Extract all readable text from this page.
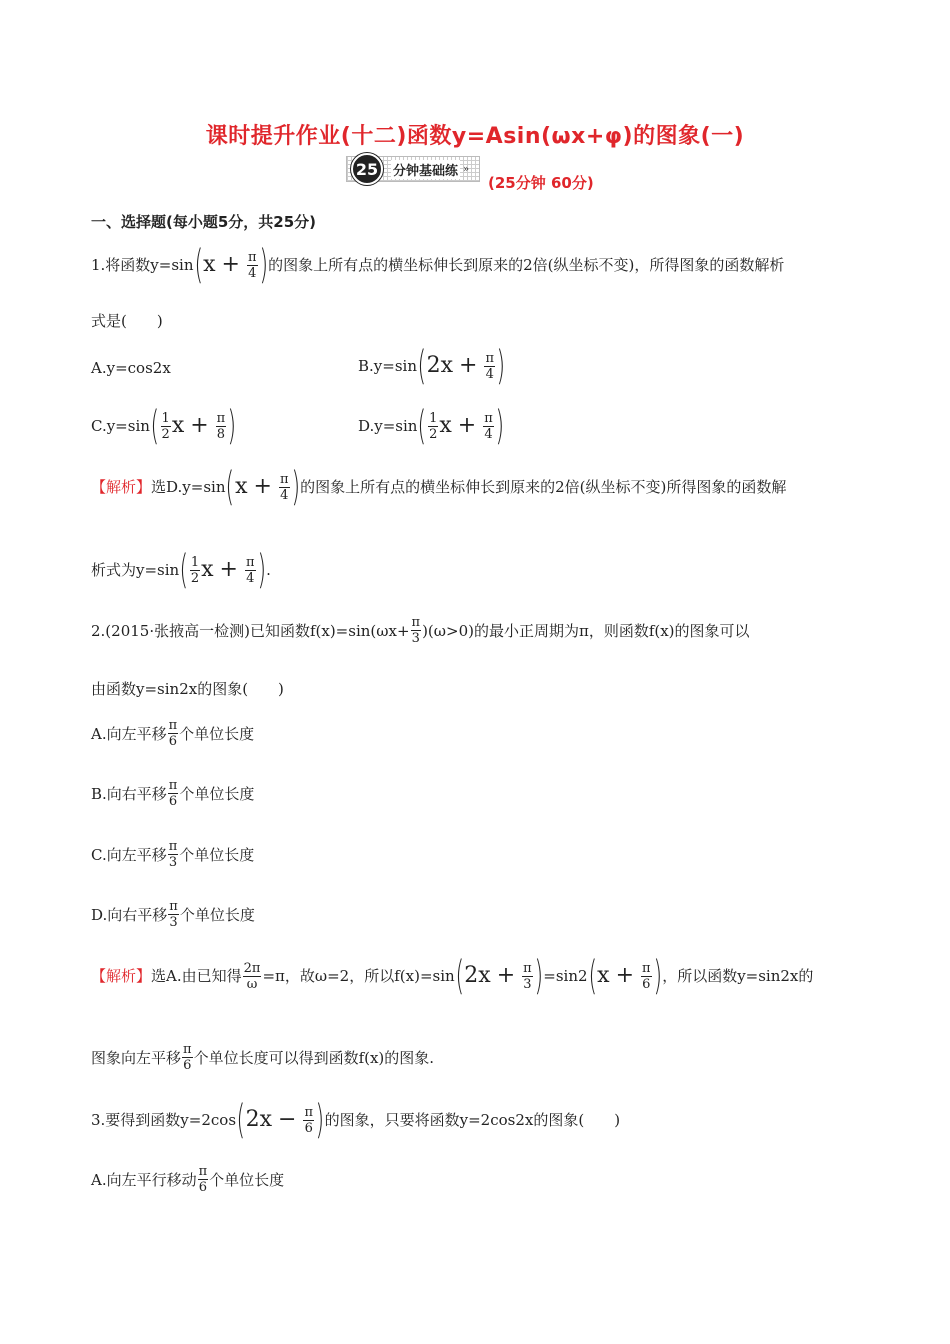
课时提升作业(十二)函数y=Asin(ωx+φ)的图象(一)
25	分钟基础练 »
(25分钟 60分)
一、选择题(每小题5分，共25分)
1.将函数y=sin ( $x + \frac{\pi}{4}$ ) 的图象上所有点的横坐标伸长到原来的2倍(纵坐标不变)，所得图象的函数解析
式是(　　)
A.y=cos2x	B.y=sin ( $2x + \frac{\pi}{4}$ )
C.y=sin ( $\frac{1}{2}$ $x + \frac{\pi}{8}$ )	D.y=sin ( $\frac{1}{2}$ $x + \frac{\pi}{4}$ )
【解析】 选D.y=sin ( $x + \frac{\pi}{4}$ ) 的图象上所有点的横坐标伸长到原来的2倍(纵坐标不变)所得图象的函数解
析式为y=sin ( $\frac{1}{2}$ $x + \frac{\pi}{4}$ ) .
2.(2015·张掖高一检测)已知函数$f(x)=\sin(\omega x+ \frac{\pi}{3} )(\omega>0)$的最小正周期为π，则函数f(x)的图象可以
由函数y=sin2x的图象(　　)
A.向左平移 $\frac{\pi}{6}$ 个单位长度
B.向右平移 $\frac{\pi}{6}$ 个单位长度
C.向左平移 $\frac{\pi}{3}$ 个单位长度
D.向右平移 $\frac{\pi}{3}$ 个单位长度
【解析】 选A.由已知得 $\frac{2\pi}{\omega} =\pi$，故ω=2，所以f(x)=sin ( $2x + \frac{\pi}{3}$ ) =sin2 ( $x + \frac{\pi}{6}$ ) ，所以函数y=sin2x的
图象向左平移 $\frac{\pi}{6}$ 个单位长度可以得到函数f(x)的图象.
3.要得到函数y=2cos ( $2x - \frac{\pi}{6}$ ) 的图象，只要将函数y=2cos2x的图象(　　)
A.向左平行移动 $\frac{\pi}{6}$ 个单位长度
